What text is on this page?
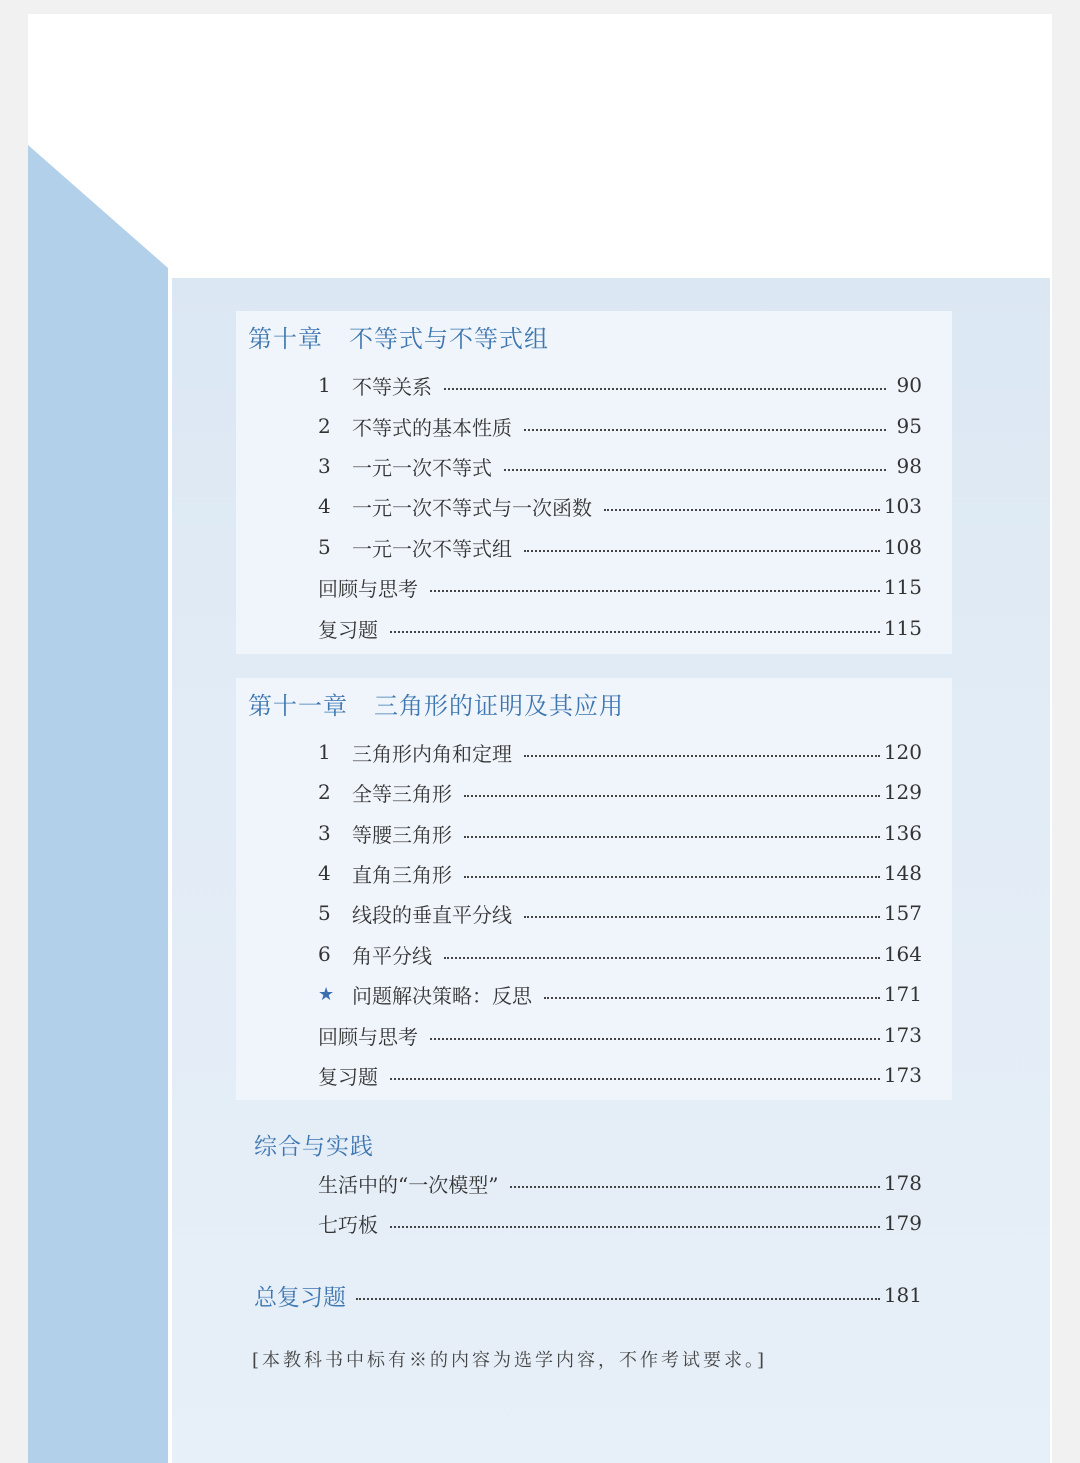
第十章 不等式与不等式组
1	不等关系	90
2	不等式的基本性质	95
3	一元一次不等式	98
4	一元一次不等式与一次函数	103
5	一元一次不等式组	108
回顾与思考	115
复习题	115
第十一章 三角形的证明及其应用
1	三角形内角和定理	120
2	全等三角形	129
3	等腰三角形	136
4	直角三角形	148
5	线段的垂直平分线	157
6	角平分线	164
★ 问题解决策略：反思	171
回顾与思考	173
复习题	173
综合与实践
生活中的“一次模型”	178
七巧板	179
总复习题	181
[本教科书中标有※的内容为选学内容，不作考试要求。]
